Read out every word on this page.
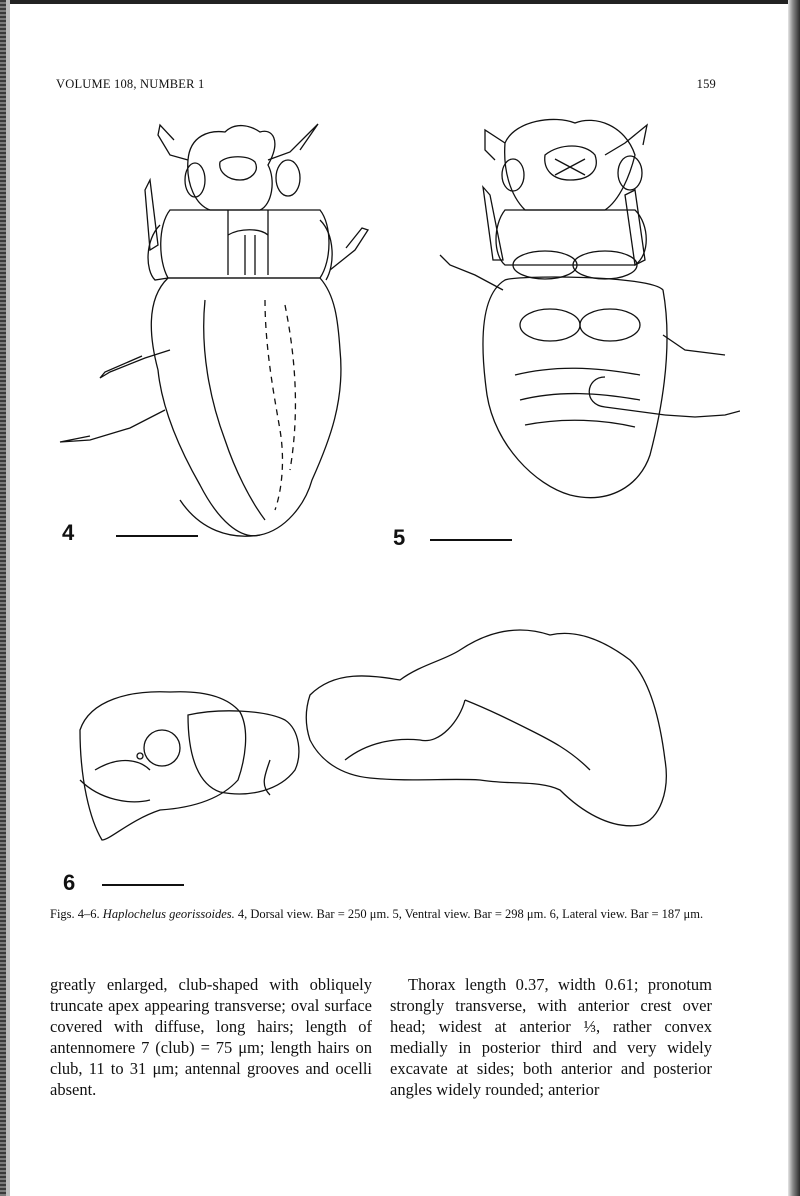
VOLUME 108, NUMBER 1	159
4	5
6
Figs. 4–6. Haplochelus georissoides. 4, Dorsal view. Bar = 250 μm. 5, Ventral view. Bar = 298 μm. 6, Lateral view. Bar = 187 μm.
greatly enlarged, club-shaped with obliquely truncate apex appearing transverse; oval surface covered with diffuse, long hairs; length of antennomere 7 (club) = 75 μm; length hairs on club, 11 to 31 μm; antennal grooves and ocelli absent.
Thorax length 0.37, width 0.61; pronotum strongly transverse, with anterior crest over head; widest at anterior ⅓, rather convex medially in posterior third and very widely excavate at sides; both anterior and posterior angles widely rounded; anterior
